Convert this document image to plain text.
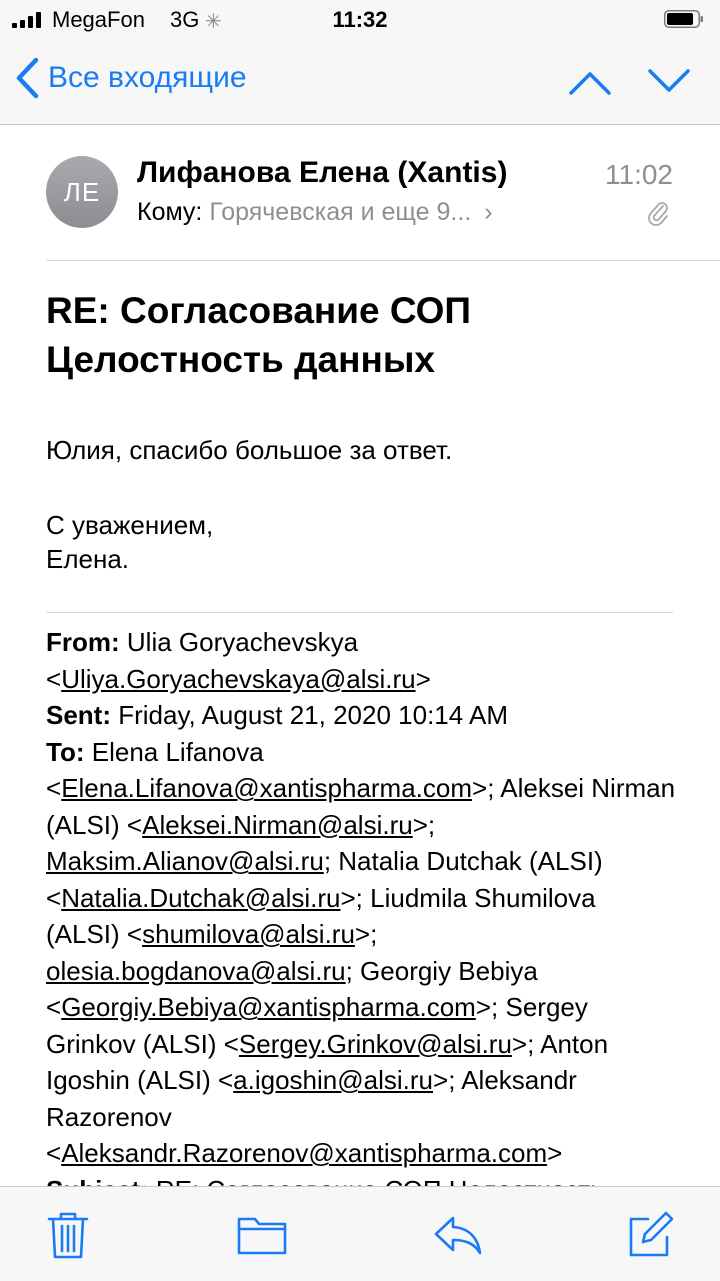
MegaFon 3G ✳	11:32
Все входящие
ЛЕ
Лифанова Елена (Xantis)	11:02
Кому: Горячевская и еще 9... ›
RE: Согласование СОП Целостность данных
Юлия, спасибо большое за ответ.
С уважением,
Елена.
From: Ulia Goryachevskya <Uliya.Goryachevskaya@alsi.ru>
Sent: Friday, August 21, 2020 10:14 AM
To: Elena Lifanova <Elena.Lifanova@xantispharma.com>; Aleksei Nirman (ALSI) <Aleksei.Nirman@alsi.ru>; Maksim.Alianov@alsi.ru; Natalia Dutchak (ALSI) <Natalia.Dutchak@alsi.ru>; Liudmila Shumilova (ALSI) <shumilova@alsi.ru>; olesia.bogdanova@alsi.ru; Georgiy Bebiya <Georgiy.Bebiya@xantispharma.com>; Sergey Grinkov (ALSI) <Sergey.Grinkov@alsi.ru>; Anton Igoshin (ALSI) <a.igoshin@alsi.ru>; Aleksandr Razorenov <Aleksandr.Razorenov@xantispharma.com>
